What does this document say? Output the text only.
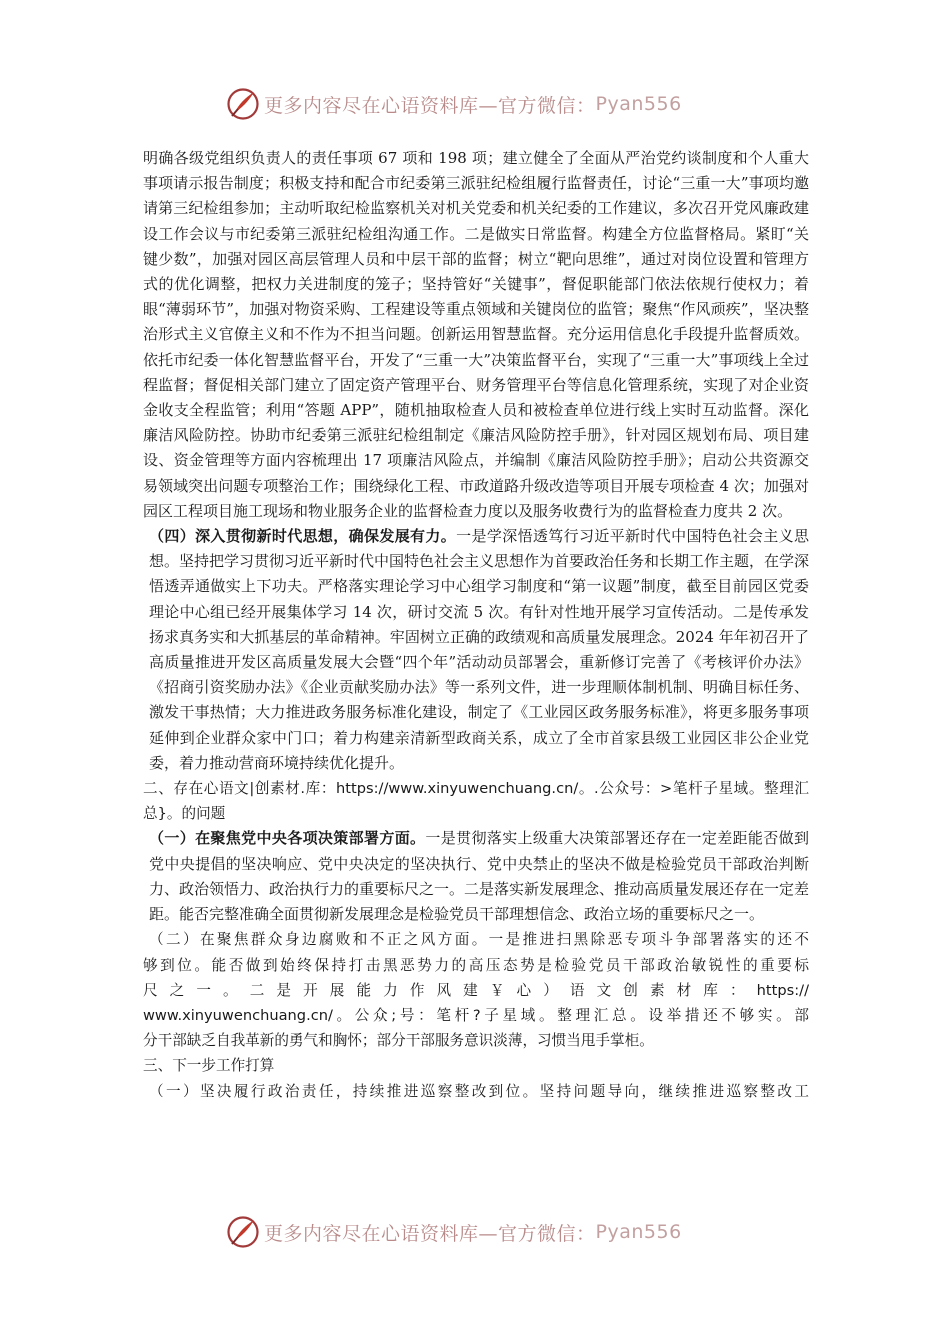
更多内容尽在心语资料库—官方微信： Pyan556

明确各级党组织负责人的责任事项 67 项和 198 项；建立健全了全面从严治党约谈制度和个人重大事项请示报告制度；积极支持和配合市纪委第三派驻纪检组履行监督责任，讨论“三重一大”事项均邀请第三纪检组参加；主动听取纪检监察机关对机关党委和机关纪委的工作建议，多次召开党风廉政建设工作会议与市纪委第三派驻纪检组沟通工作。二是做实日常监督。构建全方位监督格局。紧盯“关键少数”，加强对园区高层管理人员和中层干部的监督；树立“靶向思维”，通过对岗位设置和管理方式的优化调整，把权力关进制度的笼子；坚持管好“关键事”，督促职能部门依法依规行使权力；着眼“薄弱环节”，加强对物资采购、工程建设等重点领域和关键岗位的监管；聚焦“作风顽疾”，坚决整治形式主义官僚主义和不作为不担当问题。创新运用智慧监督。充分运用信息化手段提升监督质效。依托市纪委一体化智慧监督平台，开发了“三重一大”决策监督平台，实现了“三重一大”事项线上全过程监督；督促相关部门建立了固定资产管理平台、财务管理平台等信息化管理系统，实现了对企业资金收支全程监管；利用“答题 APP”，随机抽取检查人员和被检查单位进行线上实时互动监督。深化廉洁风险防控。协助市纪委第三派驻纪检组制定《廉洁风险防控手册》，针对园区规划布局、项目建设、资金管理等方面内容梳理出 17 项廉洁风险点，并编制《廉洁风险防控手册》；启动公共资源交易领域突出问题专项整治工作；围绕绿化工程、市政道路升级改造等项目开展专项检查 4 次；加强对园区工程项目施工现场和物业服务企业的监督检查力度以及服务收费行为的监督检查力度共 2 次。

（四）深入贯彻新时代思想，确保发展有力。一是学深悟透笃行习近平新时代中国特色社会主义思想。坚持把学习贯彻习近平新时代中国特色社会主义思想作为首要政治任务和长期工作主题，在学深悟透弄通做实上下功夫。严格落实理论学习中心组学习制度和“第一议题”制度，截至目前园区党委理论中心组已经开展集体学习 14 次，研讨交流 5 次。有针对性地开展学习宣传活动。二是传承发扬求真务实和大抓基层的革命精神。牢固树立正确的政绩观和高质量发展理念。2024 年年初召开了高质量推进开发区高质量发展大会暨“四个年”活动动员部署会，重新修订完善了《考核评价办法》《招商引资奖励办法》《企业贡献奖励办法》等一系列文件，进一步理顺体制机制、明确目标任务、激发干事热情；大力推进政务服务标准化建设，制定了《工业园区政务服务标准》，将更多服务事项延伸到企业群众家中门口；着力构建亲清新型政商关系，成立了全市首家县级工业园区非公企业党委，着力推动营商环境持续优化提升。

二、存在心语文|创素材.库：https://www.xinyuwenchuang.cn/。.公众号：>笔杆子星域。整理汇总}。的问题

（一）在聚焦党中央各项决策部署方面。一是贯彻落实上级重大决策部署还存在一定差距能否做到党中央提倡的坚决响应、党中央决定的坚决执行、党中央禁止的坚决不做是检验党员干部政治判断力、政治领悟力、政治执行力的重要标尺之一。二是落实新发展理念、推动高质量发展还存在一定差距。能否完整准确全面贯彻新发展理念是检验党员干部理想信念、政治立场的重要标尺之一。

（二）在聚焦群众身边腐败和不正之风方面。一是推进扫黑除恶专项斗争部署落实的还不
够到位。能否做到始终保持打击黑恶势力的高压态势是检验党员干部政治敏锐性的重要标
尺之一。二是开展能力作风建￥心）语文创素材库：https://
www.xinyuwenchuang.cn/。公众;号：笔杆?子星域。整理汇总。设举措还不够实。部
分干部缺乏自我革新的勇气和胸怀；部分干部服务意识淡薄，习惯当甩手掌柜。

三、下一步工作打算

（一）坚决履行政治责任，持续推进巡察整改到位。坚持问题导向，继续推进巡察整改工

更多内容尽在心语资料库—官方微信： Pyan556
